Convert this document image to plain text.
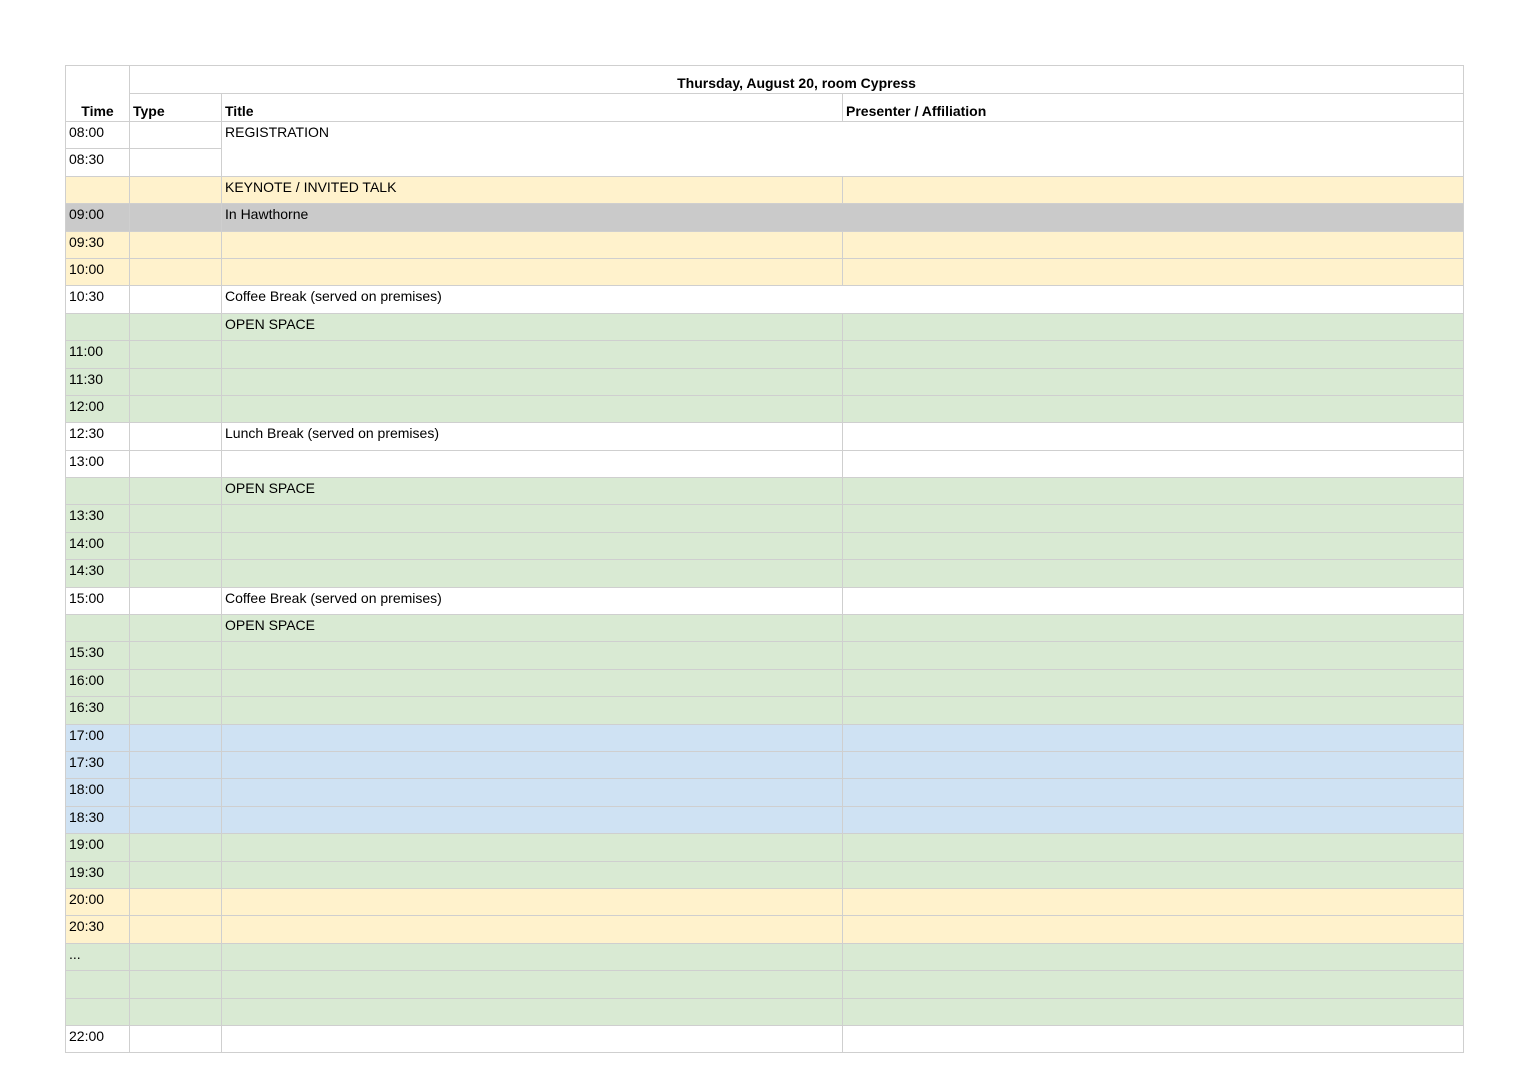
Time	Thursday, August 20, room Cypress		
	Type	Title	Presenter / Affiliation
08:00		REGISTRATION	
08:30			
		KEYNOTE / INVITED TALK	
09:00		In Hawthorne	
09:30			
10:00			
10:30		Coffee Break (served on premises)	
		OPEN SPACE	
11:00			
11:30			
12:00			
12:30		Lunch Break (served on premises)	
13:00			
		OPEN SPACE	
13:30			
14:00			
14:30			
15:00		Coffee Break (served on premises)	
		OPEN SPACE	
15:30			
16:00			
16:30			
17:00			
17:30			
18:00			
18:30			
19:00			
19:30			
20:00			
20:30			
...			

22:00			
